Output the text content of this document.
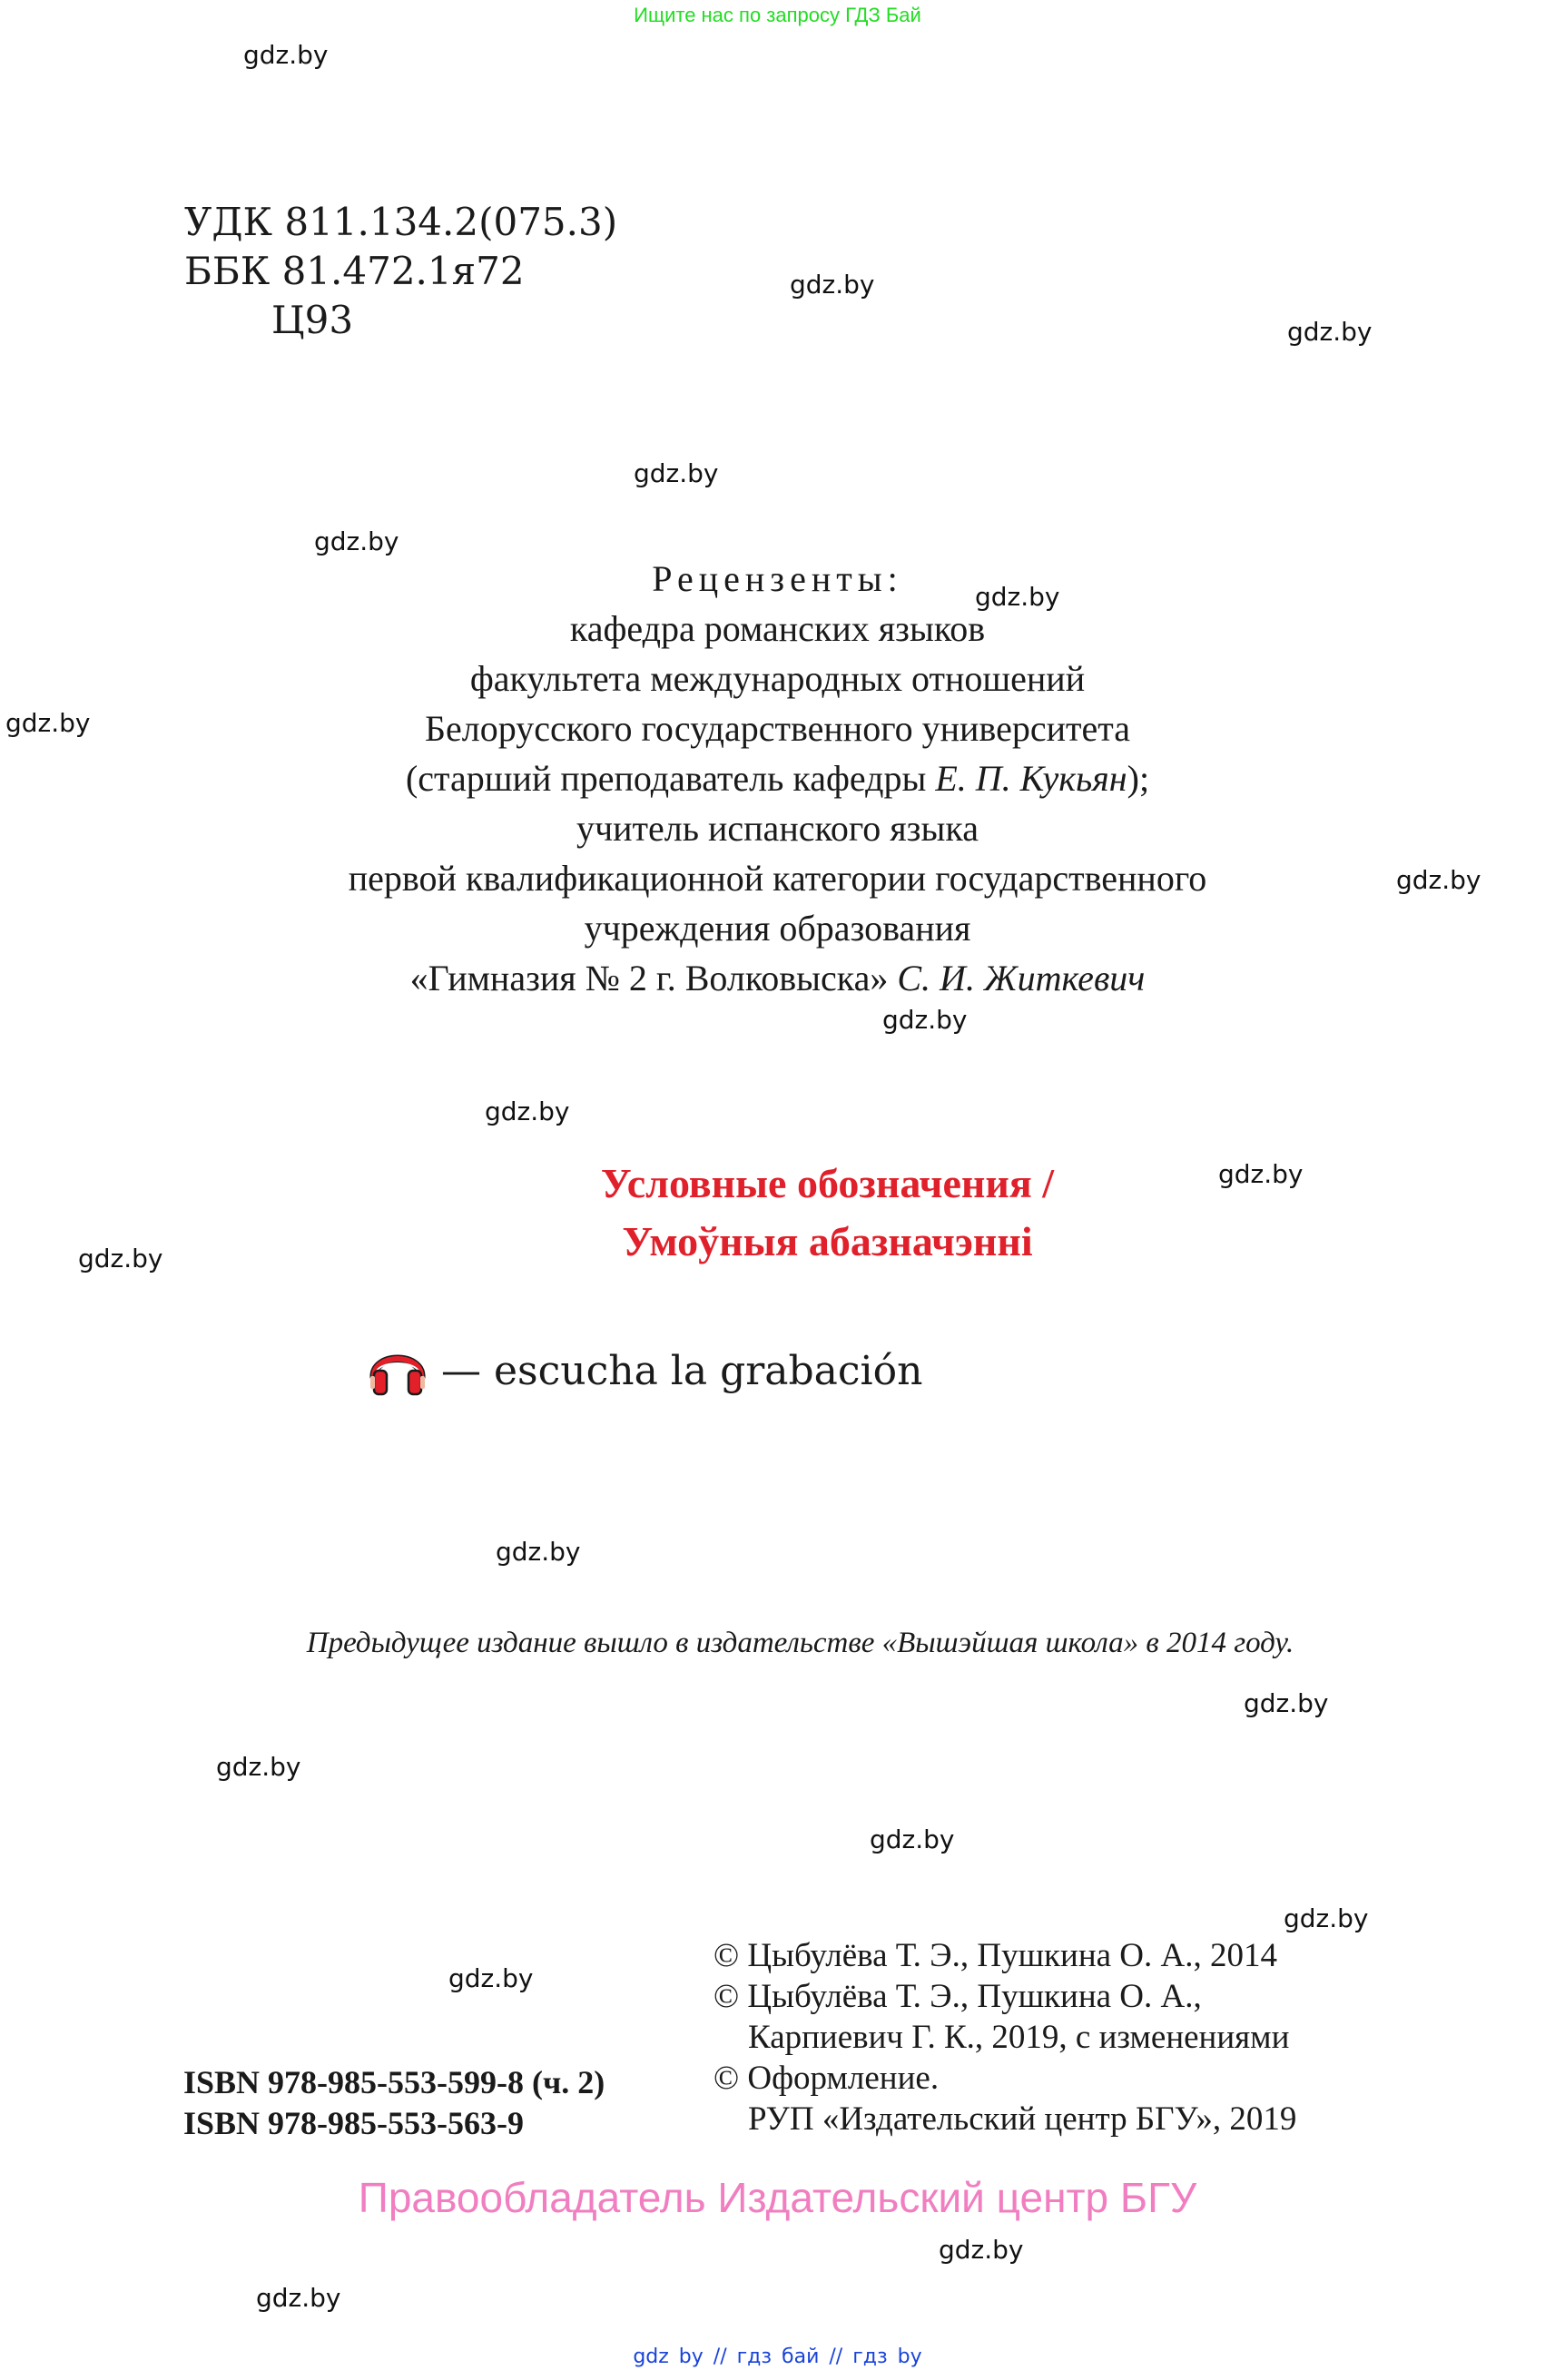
Ищите нас по запросу ГДЗ Бай
gdz.by
gdz.by
gdz.by
gdz.by
gdz.by
gdz.by
gdz.by
gdz.by
gdz.by
gdz.by
gdz.by
gdz.by
gdz.by
gdz.by
gdz.by
gdz.by
gdz.by
gdz.by
gdz.by
gdz.by
УДК 811.134.2(075.3)
ББК 81.472.1я72
Ц93
Рецензенты:
кафедра романских языков
факультета международных отношений
Белорусского государственного университета
(старший преподаватель кафедры Е. П. Кукьян);
учитель испанского языка
первой квалификационной категории государственного
учреждения образования
«Гимназия № 2 г. Волковыска» С. И. Житкевич
Условные обозначения /
Умоўныя абазначэнні
— escucha la grabación
Предыдущее издание вышло в издательстве «Вышэйшая школа» в 2014 году.
© Цыбулёва Т. Э., Пушкина О. А., 2014
© Цыбулёва Т. Э., Пушкина О. А.,
Карпиевич Г. К., 2019, с изменениями
© Оформление.
РУП «Издательский центр БГУ», 2019
ISBN 978-985-553-599-8 (ч. 2)
ISBN 978-985-553-563-9
Правообладатель Издательский центр БГУ
gdz by // гдз бай // гдз by
